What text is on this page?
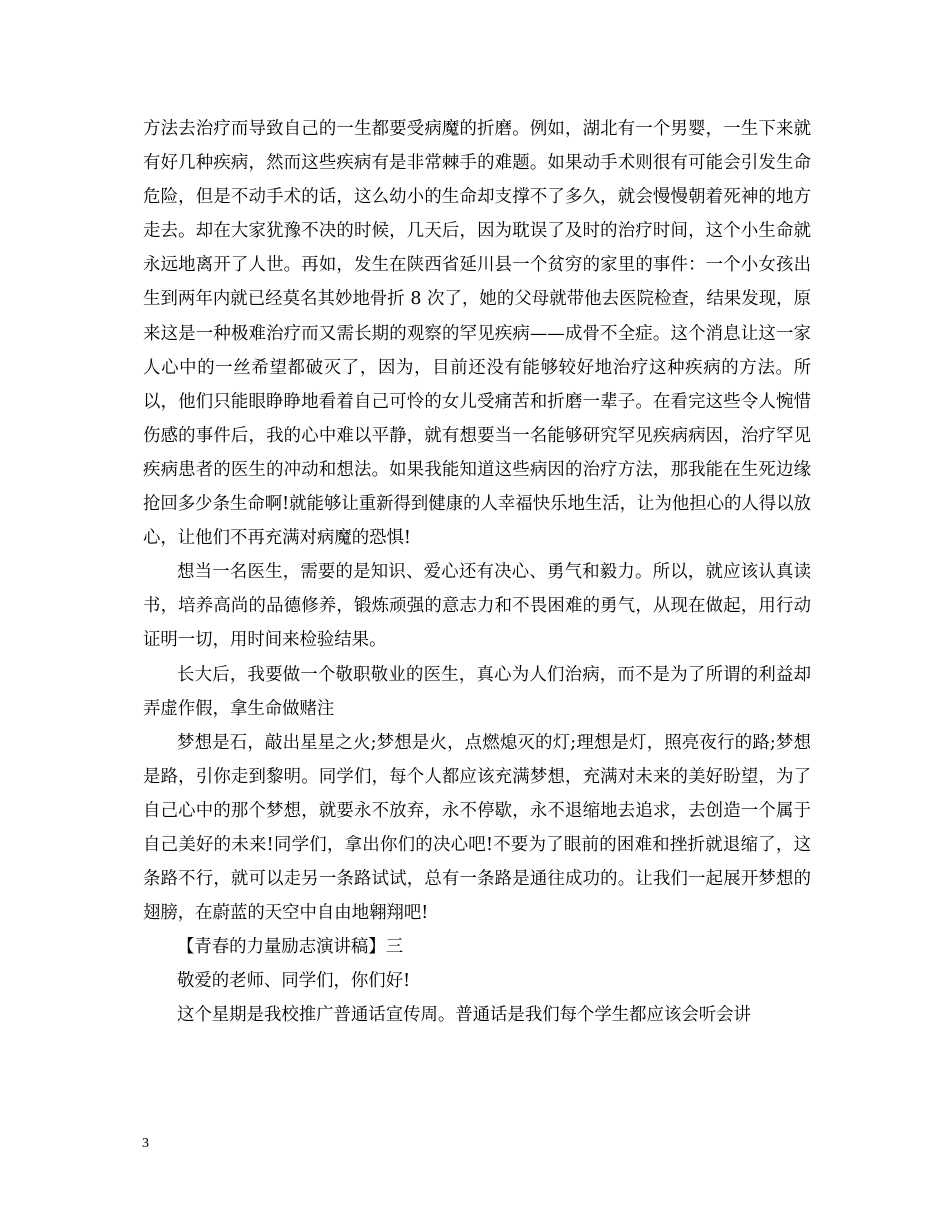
方法去治疗而导致自己的一生都要受病魔的折磨。例如，湖北有一个男婴，一生下来就有好几种疾病，然而这些疾病有是非常棘手的难题。如果动手术则很有可能会引发生命危险，但是不动手术的话，这么幼小的生命却支撑不了多久，就会慢慢朝着死神的地方走去。却在大家犹豫不决的时候，几天后，因为耽误了及时的治疗时间，这个小生命就永远地离开了人世。再如，发生在陕西省延川县一个贫穷的家里的事件：一个小女孩出生到两年内就已经莫名其妙地骨折 8 次了，她的父母就带他去医院检查，结果发现，原来这是一种极难治疗而又需长期的观察的罕见疾病——成骨不全症。这个消息让这一家人心中的一丝希望都破灭了，因为，目前还没有能够较好地治疗这种疾病的方法。所以，他们只能眼睁睁地看着自己可怜的女儿受痛苦和折磨一辈子。在看完这些令人惋惜伤感的事件后，我的心中难以平静，就有想要当一名能够研究罕见疾病病因，治疗罕见疾病患者的医生的冲动和想法。如果我能知道这些病因的治疗方法，那我能在生死边缘抢回多少条生命啊!就能够让重新得到健康的人幸福快乐地生活，让为他担心的人得以放心，让他们不再充满对病魔的恐惧!

想当一名医生，需要的是知识、爱心还有决心、勇气和毅力。所以，就应该认真读书，培养高尚的品德修养，锻炼顽强的意志力和不畏困难的勇气，从现在做起，用行动证明一切，用时间来检验结果。

长大后，我要做一个敬职敬业的医生，真心为人们治病，而不是为了所谓的利益却弄虚作假，拿生命做赌注

梦想是石，敲出星星之火;梦想是火，点燃熄灭的灯;理想是灯，照亮夜行的路;梦想是路，引你走到黎明。同学们，每个人都应该充满梦想，充满对未来的美好盼望，为了自己心中的那个梦想，就要永不放弃，永不停歇，永不退缩地去追求，去创造一个属于自己美好的未来!同学们，拿出你们的决心吧!不要为了眼前的困难和挫折就退缩了，这条路不行，就可以走另一条路试试，总有一条路是通往成功的。让我们一起展开梦想的翅膀，在蔚蓝的天空中自由地翱翔吧!

【青春的力量励志演讲稿】三

敬爱的老师、同学们，你们好!

这个星期是我校推广普通话宣传周。普通话是我们每个学生都应该会听会讲

3
